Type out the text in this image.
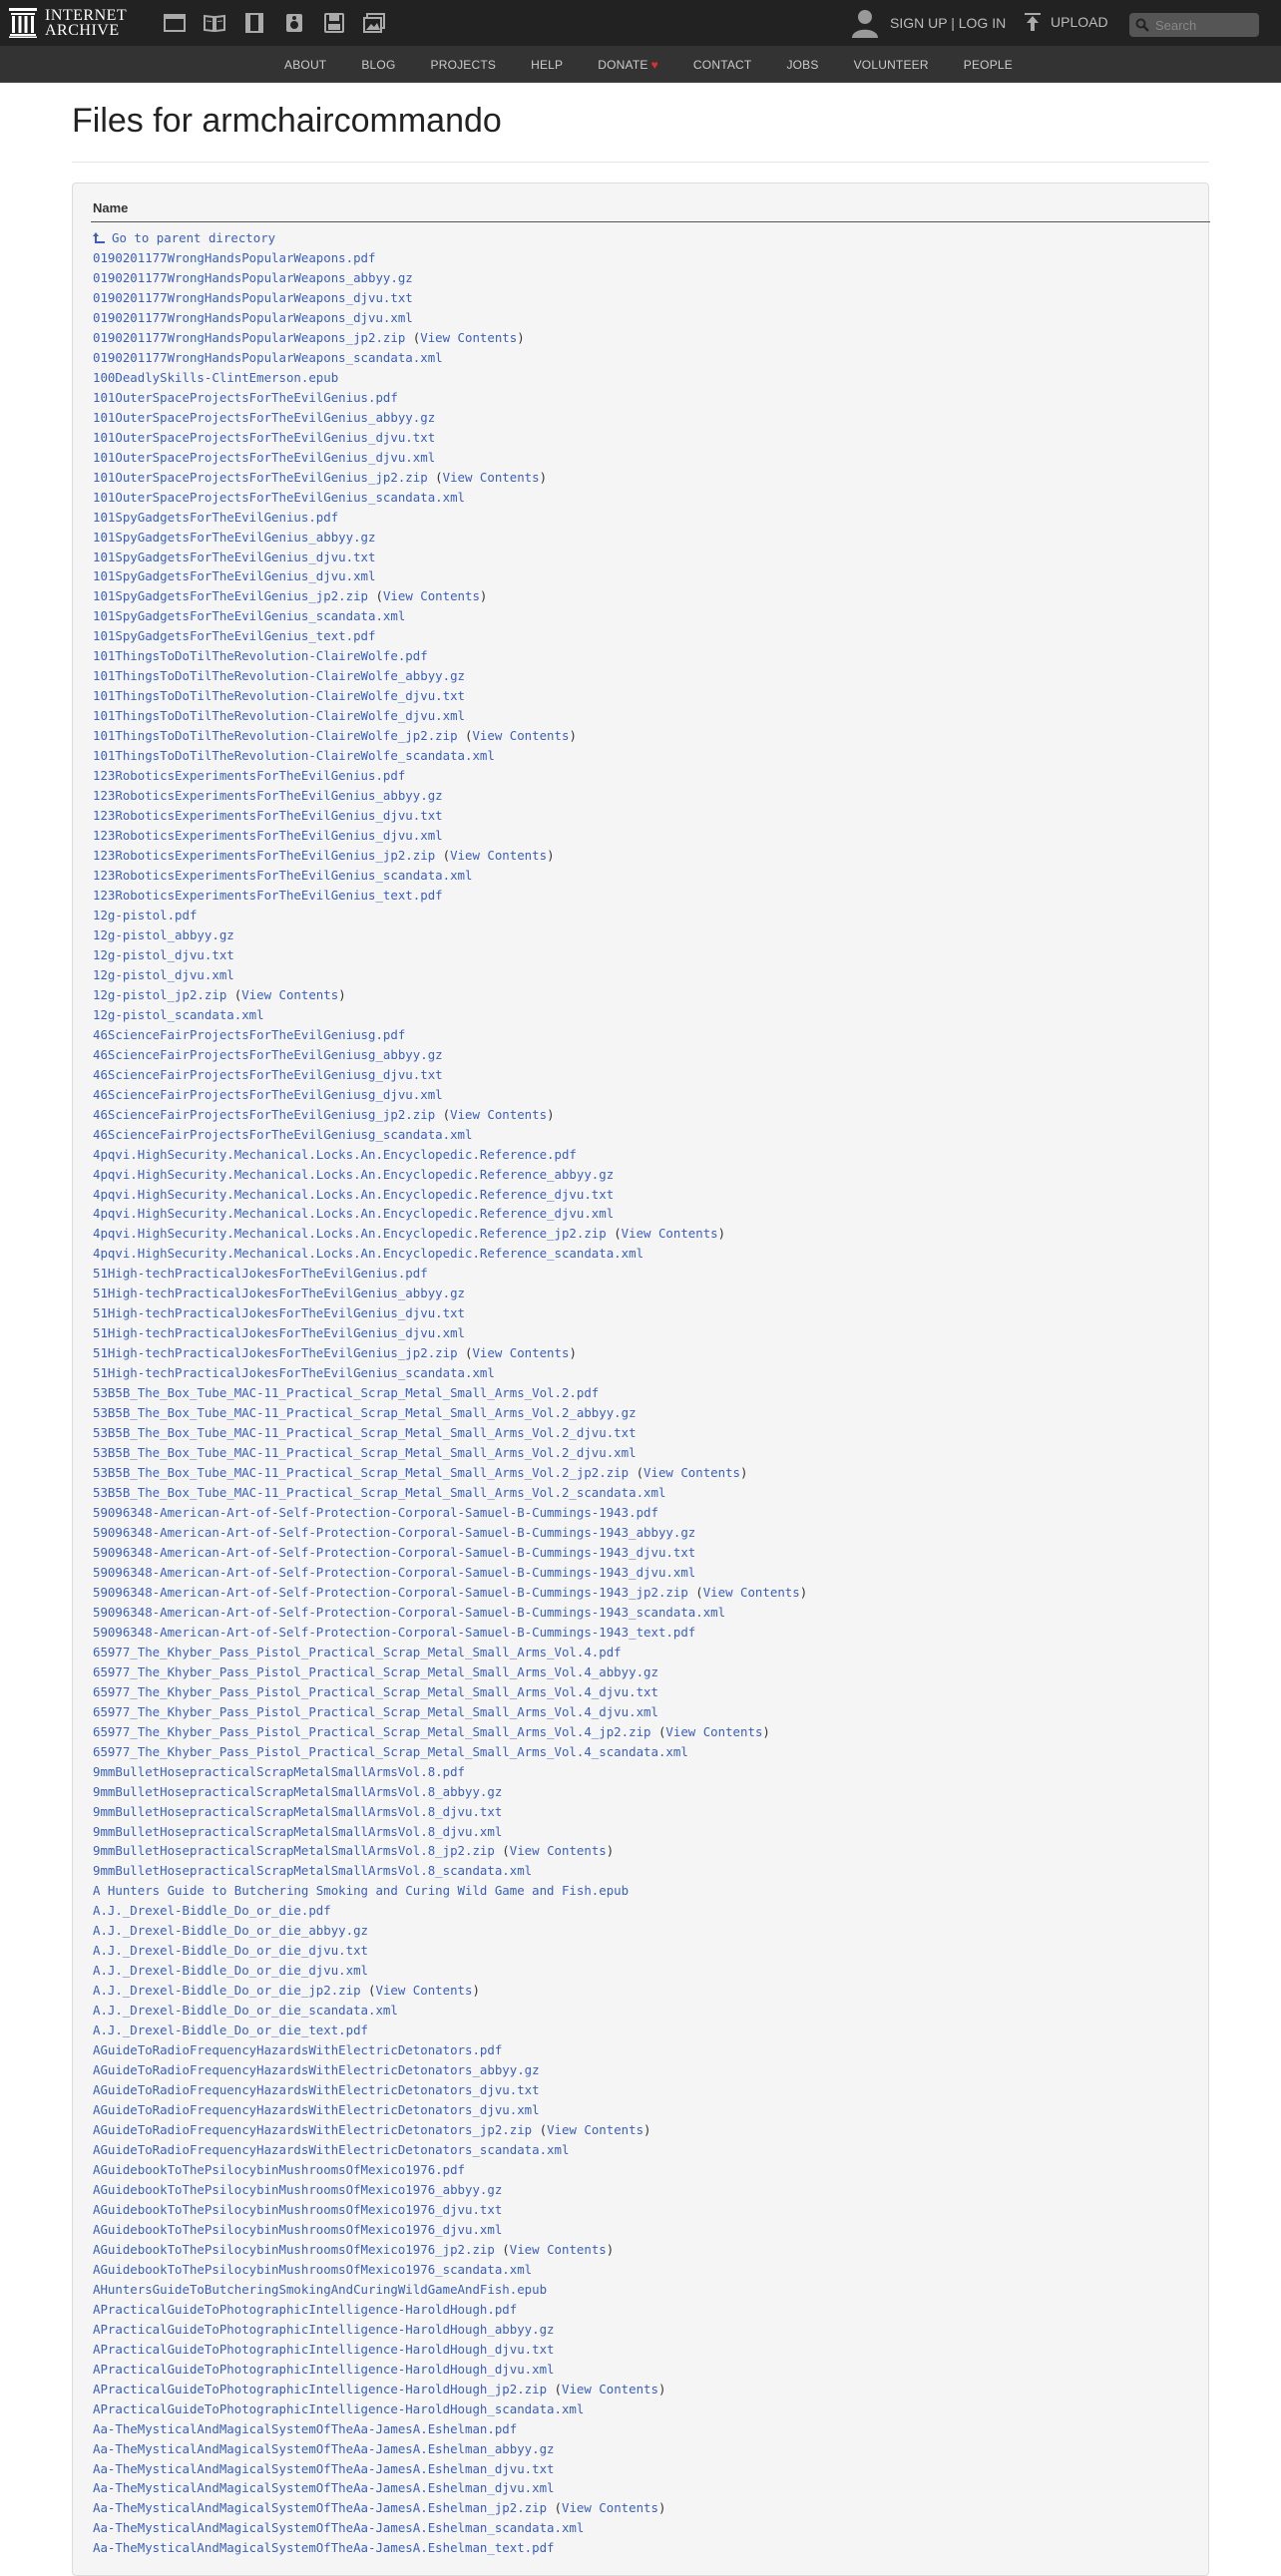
INTERNET
ARCHIVE	SIGN UP | LOG IN	UPLOAD
Search
ABOUT	BLOG	PROJECTS	HELP	DONATE ♥	CONTACT	JOBS	VOLUNTEER	PEOPLE
Files for armchaircommando
Name
Go to parent directory
0190201177WrongHandsPopularWeapons.pdf
0190201177WrongHandsPopularWeapons_abbyy.gz
0190201177WrongHandsPopularWeapons_djvu.txt
0190201177WrongHandsPopularWeapons_djvu.xml
0190201177WrongHandsPopularWeapons_jp2.zip (View Contents)
0190201177WrongHandsPopularWeapons_scandata.xml
100DeadlySkills-ClintEmerson.epub
101OuterSpaceProjectsForTheEvilGenius.pdf
101OuterSpaceProjectsForTheEvilGenius_abbyy.gz
101OuterSpaceProjectsForTheEvilGenius_djvu.txt
101OuterSpaceProjectsForTheEvilGenius_djvu.xml
101OuterSpaceProjectsForTheEvilGenius_jp2.zip (View Contents)
101OuterSpaceProjectsForTheEvilGenius_scandata.xml
101SpyGadgetsForTheEvilGenius.pdf
101SpyGadgetsForTheEvilGenius_abbyy.gz
101SpyGadgetsForTheEvilGenius_djvu.txt
101SpyGadgetsForTheEvilGenius_djvu.xml
101SpyGadgetsForTheEvilGenius_jp2.zip (View Contents)
101SpyGadgetsForTheEvilGenius_scandata.xml
101SpyGadgetsForTheEvilGenius_text.pdf
101ThingsToDoTilTheRevolution-ClaireWolfe.pdf
101ThingsToDoTilTheRevolution-ClaireWolfe_abbyy.gz
101ThingsToDoTilTheRevolution-ClaireWolfe_djvu.txt
101ThingsToDoTilTheRevolution-ClaireWolfe_djvu.xml
101ThingsToDoTilTheRevolution-ClaireWolfe_jp2.zip (View Contents)
101ThingsToDoTilTheRevolution-ClaireWolfe_scandata.xml
123RoboticsExperimentsForTheEvilGenius.pdf
123RoboticsExperimentsForTheEvilGenius_abbyy.gz
123RoboticsExperimentsForTheEvilGenius_djvu.txt
123RoboticsExperimentsForTheEvilGenius_djvu.xml
123RoboticsExperimentsForTheEvilGenius_jp2.zip (View Contents)
123RoboticsExperimentsForTheEvilGenius_scandata.xml
123RoboticsExperimentsForTheEvilGenius_text.pdf
12g-pistol.pdf
12g-pistol_abbyy.gz
12g-pistol_djvu.txt
12g-pistol_djvu.xml
12g-pistol_jp2.zip (View Contents)
12g-pistol_scandata.xml
46ScienceFairProjectsForTheEvilGeniusg.pdf
46ScienceFairProjectsForTheEvilGeniusg_abbyy.gz
46ScienceFairProjectsForTheEvilGeniusg_djvu.txt
46ScienceFairProjectsForTheEvilGeniusg_djvu.xml
46ScienceFairProjectsForTheEvilGeniusg_jp2.zip (View Contents)
46ScienceFairProjectsForTheEvilGeniusg_scandata.xml
4pqvi.HighSecurity.Mechanical.Locks.An.Encyclopedic.Reference.pdf
4pqvi.HighSecurity.Mechanical.Locks.An.Encyclopedic.Reference_abbyy.gz
4pqvi.HighSecurity.Mechanical.Locks.An.Encyclopedic.Reference_djvu.txt
4pqvi.HighSecurity.Mechanical.Locks.An.Encyclopedic.Reference_djvu.xml
4pqvi.HighSecurity.Mechanical.Locks.An.Encyclopedic.Reference_jp2.zip (View Contents)
4pqvi.HighSecurity.Mechanical.Locks.An.Encyclopedic.Reference_scandata.xml
51High-techPracticalJokesForTheEvilGenius.pdf
51High-techPracticalJokesForTheEvilGenius_abbyy.gz
51High-techPracticalJokesForTheEvilGenius_djvu.txt
51High-techPracticalJokesForTheEvilGenius_djvu.xml
51High-techPracticalJokesForTheEvilGenius_jp2.zip (View Contents)
51High-techPracticalJokesForTheEvilGenius_scandata.xml
53B5B_The_Box_Tube_MAC-11_Practical_Scrap_Metal_Small_Arms_Vol.2.pdf
53B5B_The_Box_Tube_MAC-11_Practical_Scrap_Metal_Small_Arms_Vol.2_abbyy.gz
53B5B_The_Box_Tube_MAC-11_Practical_Scrap_Metal_Small_Arms_Vol.2_djvu.txt
53B5B_The_Box_Tube_MAC-11_Practical_Scrap_Metal_Small_Arms_Vol.2_djvu.xml
53B5B_The_Box_Tube_MAC-11_Practical_Scrap_Metal_Small_Arms_Vol.2_jp2.zip (View Contents)
53B5B_The_Box_Tube_MAC-11_Practical_Scrap_Metal_Small_Arms_Vol.2_scandata.xml
59096348-American-Art-of-Self-Protection-Corporal-Samuel-B-Cummings-1943.pdf
59096348-American-Art-of-Self-Protection-Corporal-Samuel-B-Cummings-1943_abbyy.gz
59096348-American-Art-of-Self-Protection-Corporal-Samuel-B-Cummings-1943_djvu.txt
59096348-American-Art-of-Self-Protection-Corporal-Samuel-B-Cummings-1943_djvu.xml
59096348-American-Art-of-Self-Protection-Corporal-Samuel-B-Cummings-1943_jp2.zip (View Contents)
59096348-American-Art-of-Self-Protection-Corporal-Samuel-B-Cummings-1943_scandata.xml
59096348-American-Art-of-Self-Protection-Corporal-Samuel-B-Cummings-1943_text.pdf
65977_The_Khyber_Pass_Pistol_Practical_Scrap_Metal_Small_Arms_Vol.4.pdf
65977_The_Khyber_Pass_Pistol_Practical_Scrap_Metal_Small_Arms_Vol.4_abbyy.gz
65977_The_Khyber_Pass_Pistol_Practical_Scrap_Metal_Small_Arms_Vol.4_djvu.txt
65977_The_Khyber_Pass_Pistol_Practical_Scrap_Metal_Small_Arms_Vol.4_djvu.xml
65977_The_Khyber_Pass_Pistol_Practical_Scrap_Metal_Small_Arms_Vol.4_jp2.zip (View Contents)
65977_The_Khyber_Pass_Pistol_Practical_Scrap_Metal_Small_Arms_Vol.4_scandata.xml
9mmBulletHosepracticalScrapMetalSmallArmsVol.8.pdf
9mmBulletHosepracticalScrapMetalSmallArmsVol.8_abbyy.gz
9mmBulletHosepracticalScrapMetalSmallArmsVol.8_djvu.txt
9mmBulletHosepracticalScrapMetalSmallArmsVol.8_djvu.xml
9mmBulletHosepracticalScrapMetalSmallArmsVol.8_jp2.zip (View Contents)
9mmBulletHosepracticalScrapMetalSmallArmsVol.8_scandata.xml
A Hunters Guide to Butchering Smoking and Curing Wild Game and Fish.epub
A.J._Drexel-Biddle_Do_or_die.pdf
A.J._Drexel-Biddle_Do_or_die_abbyy.gz
A.J._Drexel-Biddle_Do_or_die_djvu.txt
A.J._Drexel-Biddle_Do_or_die_djvu.xml
A.J._Drexel-Biddle_Do_or_die_jp2.zip (View Contents)
A.J._Drexel-Biddle_Do_or_die_scandata.xml
A.J._Drexel-Biddle_Do_or_die_text.pdf
AGuideToRadioFrequencyHazardsWithElectricDetonators.pdf
AGuideToRadioFrequencyHazardsWithElectricDetonators_abbyy.gz
AGuideToRadioFrequencyHazardsWithElectricDetonators_djvu.txt
AGuideToRadioFrequencyHazardsWithElectricDetonators_djvu.xml
AGuideToRadioFrequencyHazardsWithElectricDetonators_jp2.zip (View Contents)
AGuideToRadioFrequencyHazardsWithElectricDetonators_scandata.xml
AGuidebookToThePsilocybinMushroomsOfMexico1976.pdf
AGuidebookToThePsilocybinMushroomsOfMexico1976_abbyy.gz
AGuidebookToThePsilocybinMushroomsOfMexico1976_djvu.txt
AGuidebookToThePsilocybinMushroomsOfMexico1976_djvu.xml
AGuidebookToThePsilocybinMushroomsOfMexico1976_jp2.zip (View Contents)
AGuidebookToThePsilocybinMushroomsOfMexico1976_scandata.xml
AHuntersGuideToButcheringSmokingAndCuringWildGameAndFish.epub
APracticalGuideToPhotographicIntelligence-HaroldHough.pdf
APracticalGuideToPhotographicIntelligence-HaroldHough_abbyy.gz
APracticalGuideToPhotographicIntelligence-HaroldHough_djvu.txt
APracticalGuideToPhotographicIntelligence-HaroldHough_djvu.xml
APracticalGuideToPhotographicIntelligence-HaroldHough_jp2.zip (View Contents)
APracticalGuideToPhotographicIntelligence-HaroldHough_scandata.xml
Aa-TheMysticalAndMagicalSystemOfTheAa-JamesA.Eshelman.pdf
Aa-TheMysticalAndMagicalSystemOfTheAa-JamesA.Eshelman_abbyy.gz
Aa-TheMysticalAndMagicalSystemOfTheAa-JamesA.Eshelman_djvu.txt
Aa-TheMysticalAndMagicalSystemOfTheAa-JamesA.Eshelman_djvu.xml
Aa-TheMysticalAndMagicalSystemOfTheAa-JamesA.Eshelman_jp2.zip (View Contents)
Aa-TheMysticalAndMagicalSystemOfTheAa-JamesA.Eshelman_scandata.xml
Aa-TheMysticalAndMagicalSystemOfTheAa-JamesA.Eshelman_text.pdf
